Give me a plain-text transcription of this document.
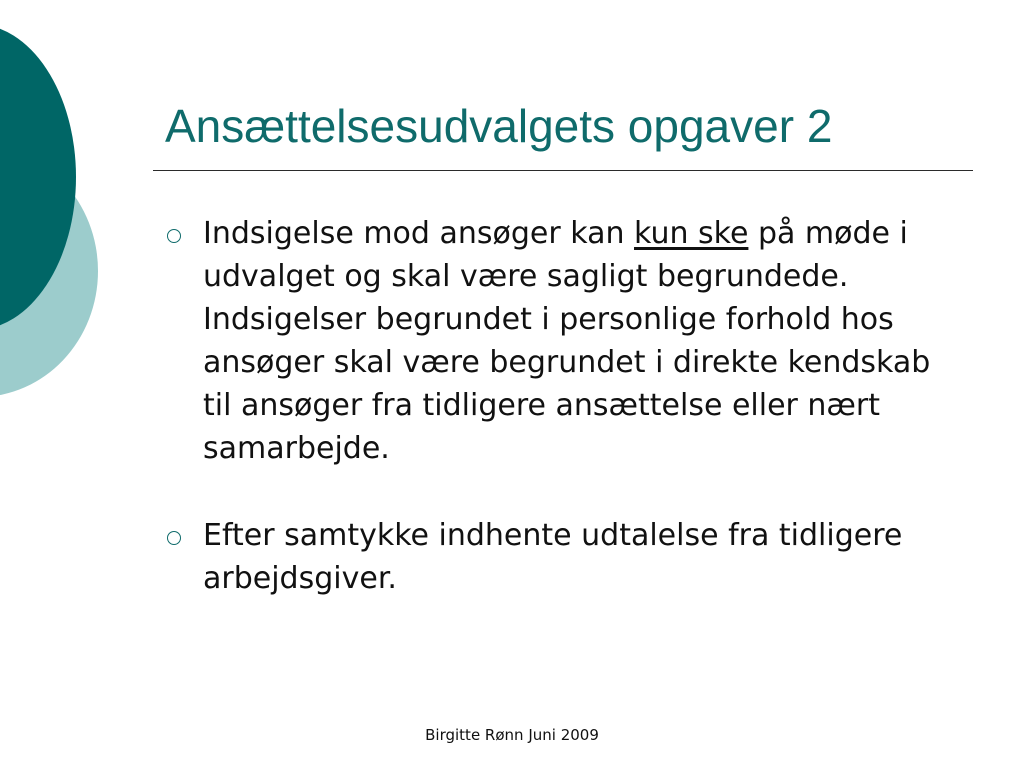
Ansættelsesudvalgets opgaver 2

Indsigelse mod ansøger kan kun ske på møde i udvalget og skal være sagligt begrundede. Indsigelser begrundet i personlige forhold hos ansøger skal være begrundet i direkte kendskab til ansøger fra tidligere ansættelse eller nært samarbejde.

Efter samtykke indhente udtalelse fra tidligere arbejdsgiver.

Birgitte Rønn Juni 2009
